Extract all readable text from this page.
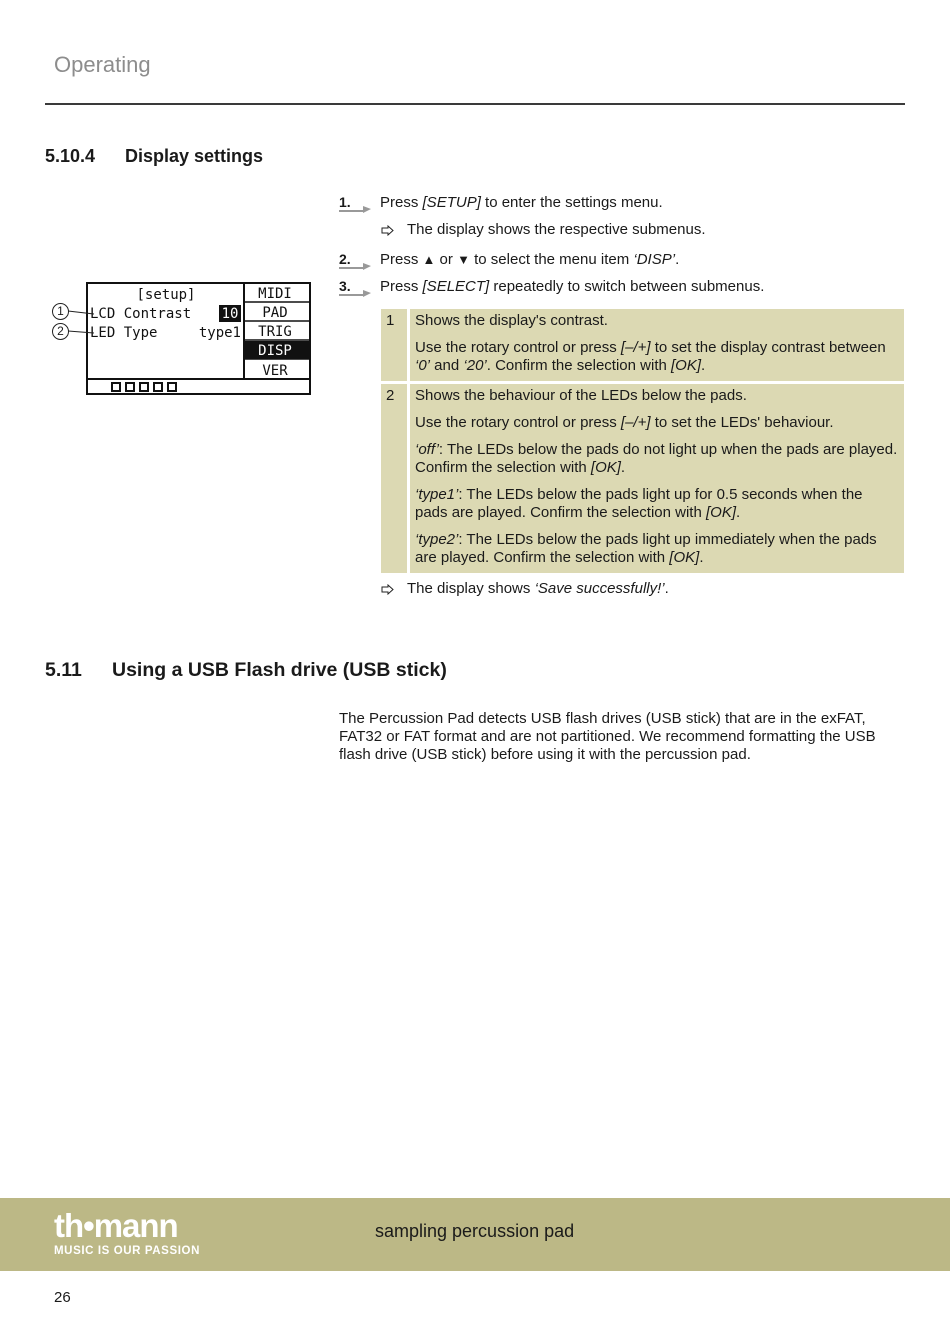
Operating
5.10.4 Display settings
[setup]
LCD Contrast 10
LED Type	type1
MIDI
PAD
TRIG
DISP
VER
1
2
1. Press [SETUP] to enter the settings menu.
The display shows the respective submenus.
2. Press ▲ or ▼ to select the menu item ‘DISP’.
3. Press [SELECT] repeatedly to switch between submenus.
1	Shows the display's contrast.

Use the rotary control or press [–/+] to set the display contrast between ‘0’ and ‘20’. Confirm the selection with [OK].

2	Shows the behaviour of the LEDs below the pads.

Use the rotary control or press [–/+] to set the LEDs' behaviour.

‘off’: The LEDs below the pads do not light up when the pads are played. Confirm the selection with [OK].

‘type1’: The LEDs below the pads light up for 0.5 seconds when the pads are played. Confirm the selection with [OK].

‘type2’: The LEDs below the pads light up immediately when the pads are played. Confirm the selection with [OK].

The display shows ‘Save successfully!’.
5.11 Using a USB Flash drive (USB stick)
The Percussion Pad detects USB flash drives (USB stick) that are in the exFAT, FAT32 or FAT format and are not partitioned. We recommend formatting the USB flash drive (USB stick) before using it with the percussion pad.
th•mann
MUSIC IS OUR PASSION
sampling percussion pad
26
